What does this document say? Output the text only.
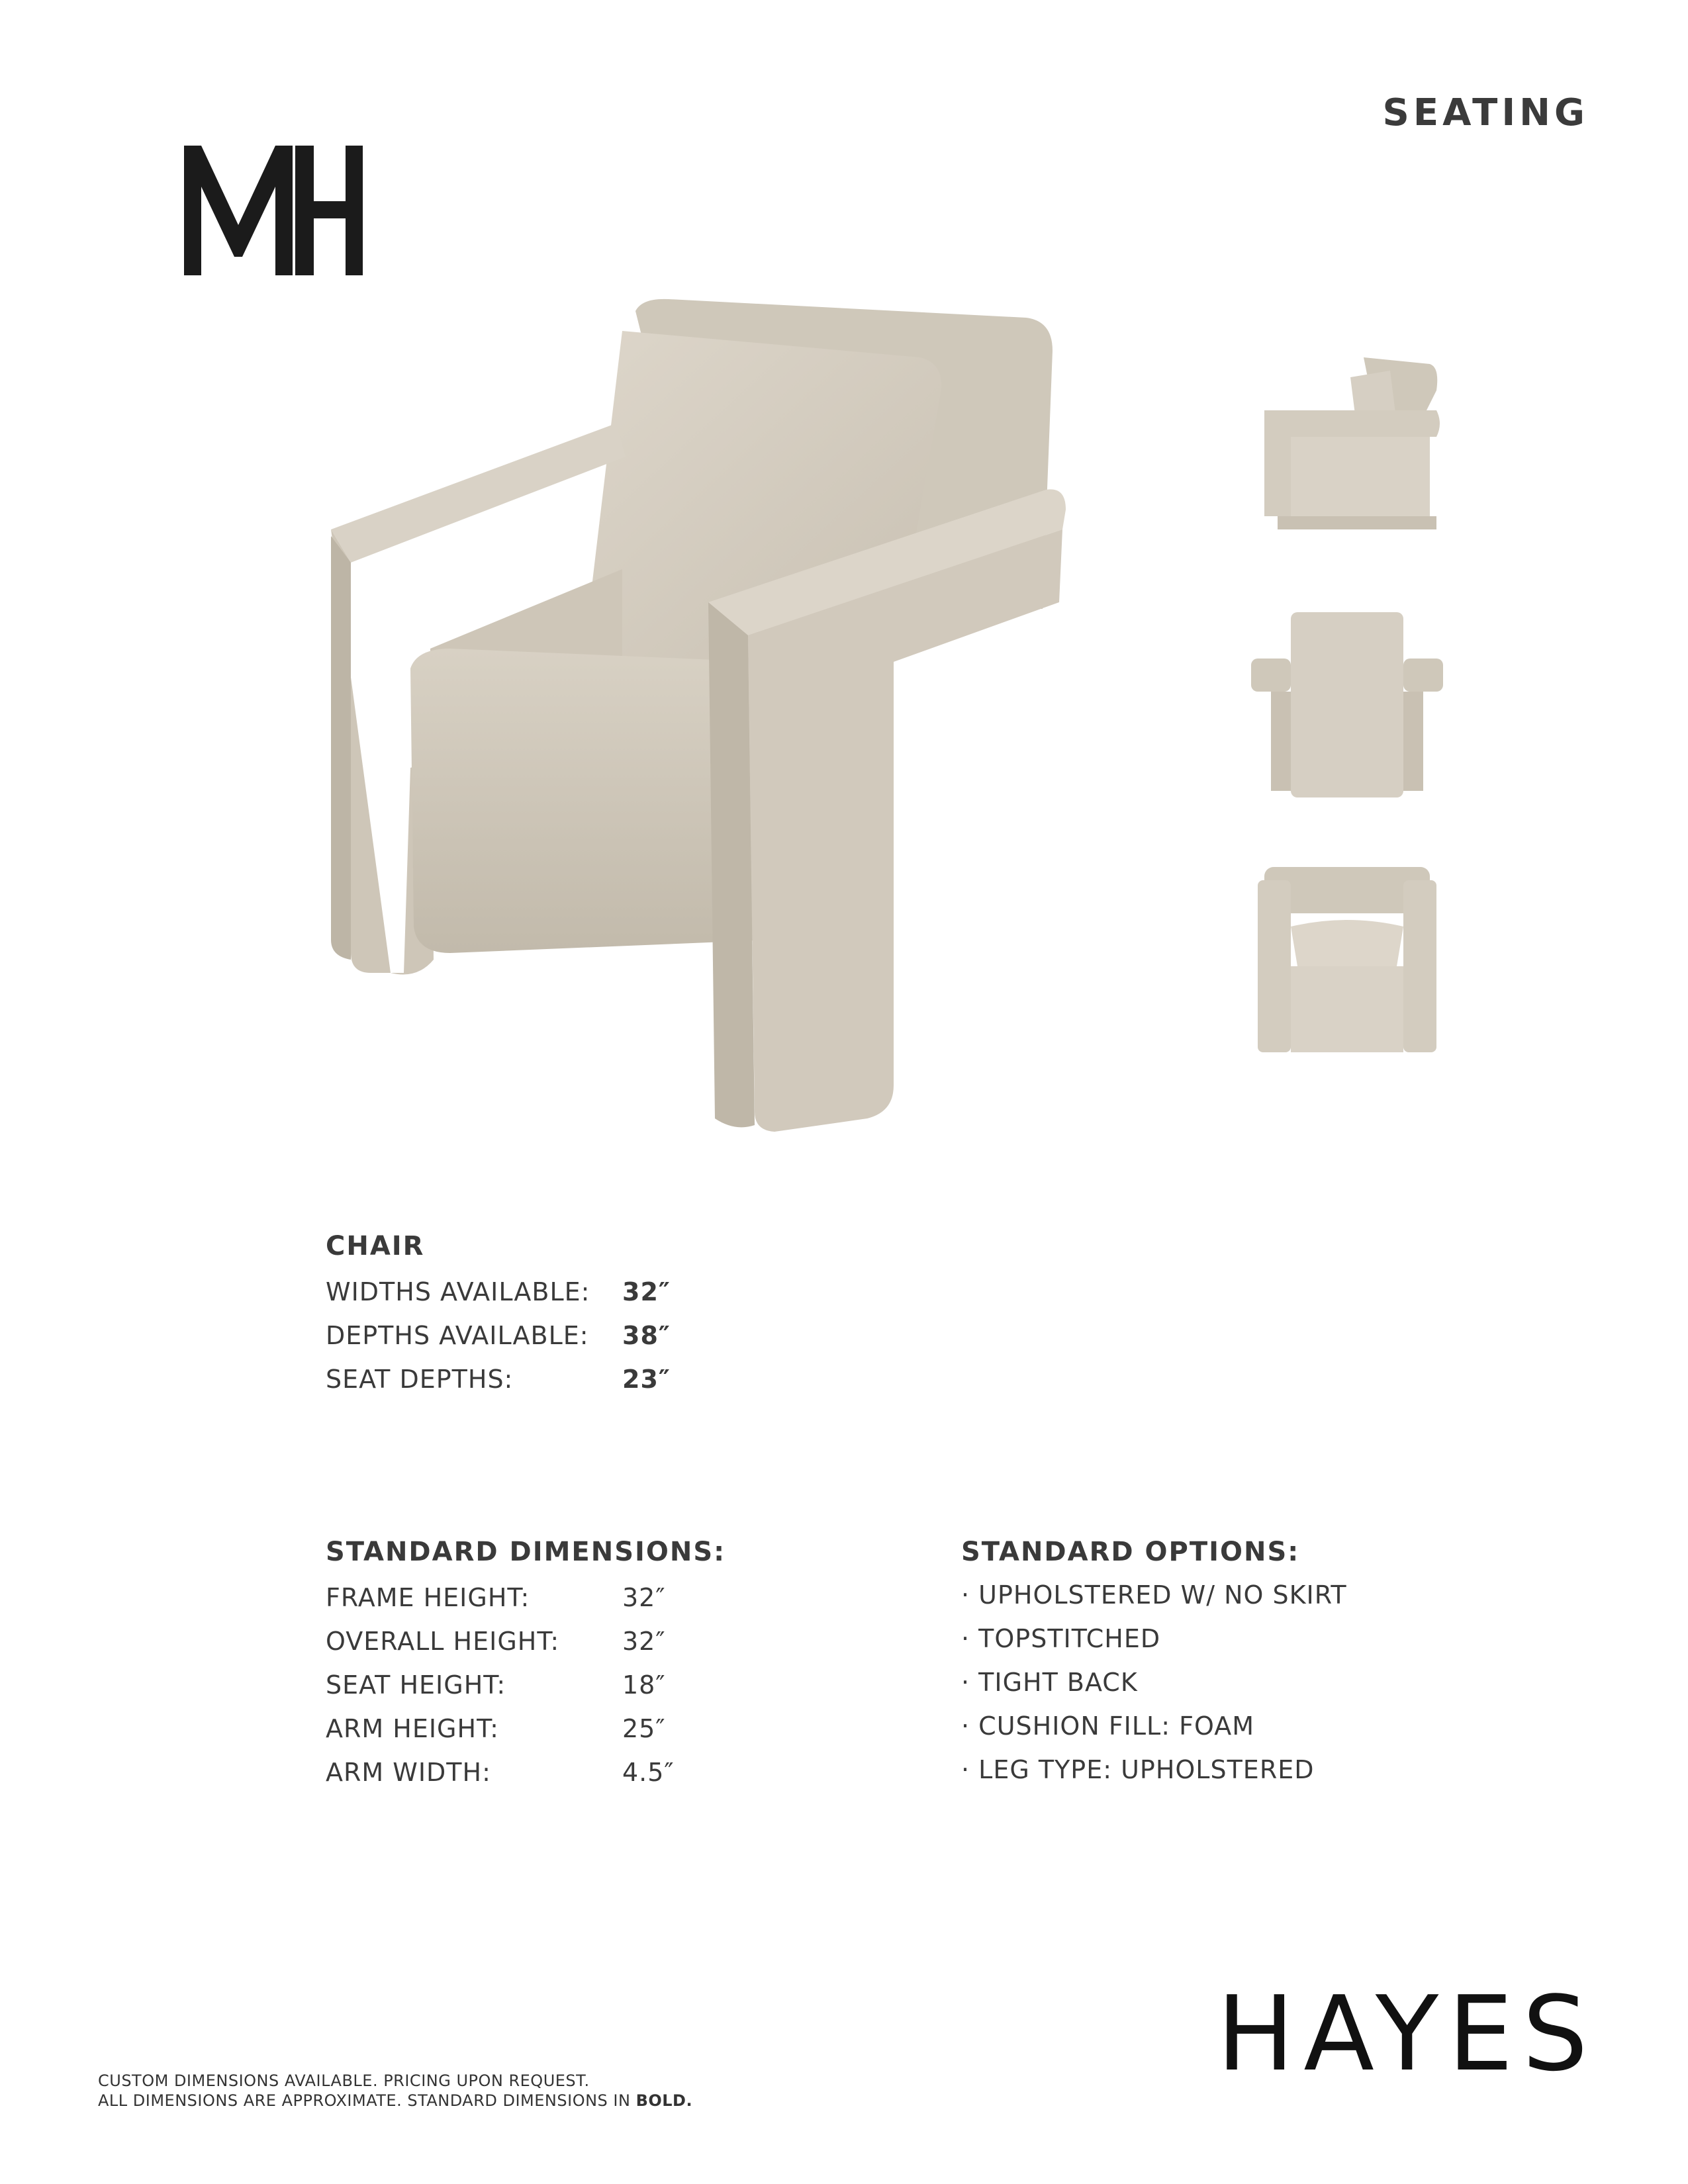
SEATING
CHAIR
WIDTHS AVAILABLE: 32″
DEPTHS AVAILABLE: 38″
SEAT DEPTHS:	23″
STANDARD DIMENSIONS:
FRAME HEIGHT:	32″
OVERALL HEIGHT: 32″
SEAT HEIGHT:	18″
ARM HEIGHT:	25″
ARM WIDTH:	4.5″
STANDARD OPTIONS:
· UPHOLSTERED W/ NO SKIRT
· TOPSTITCHED
· TIGHT BACK
· CUSHION FILL: FOAM
· LEG TYPE: UPHOLSTERED
HAYES
CUSTOM DIMENSIONS AVAILABLE. PRICING UPON REQUEST.
ALL DIMENSIONS ARE APPROXIMATE. STANDARD DIMENSIONS IN BOLD.
